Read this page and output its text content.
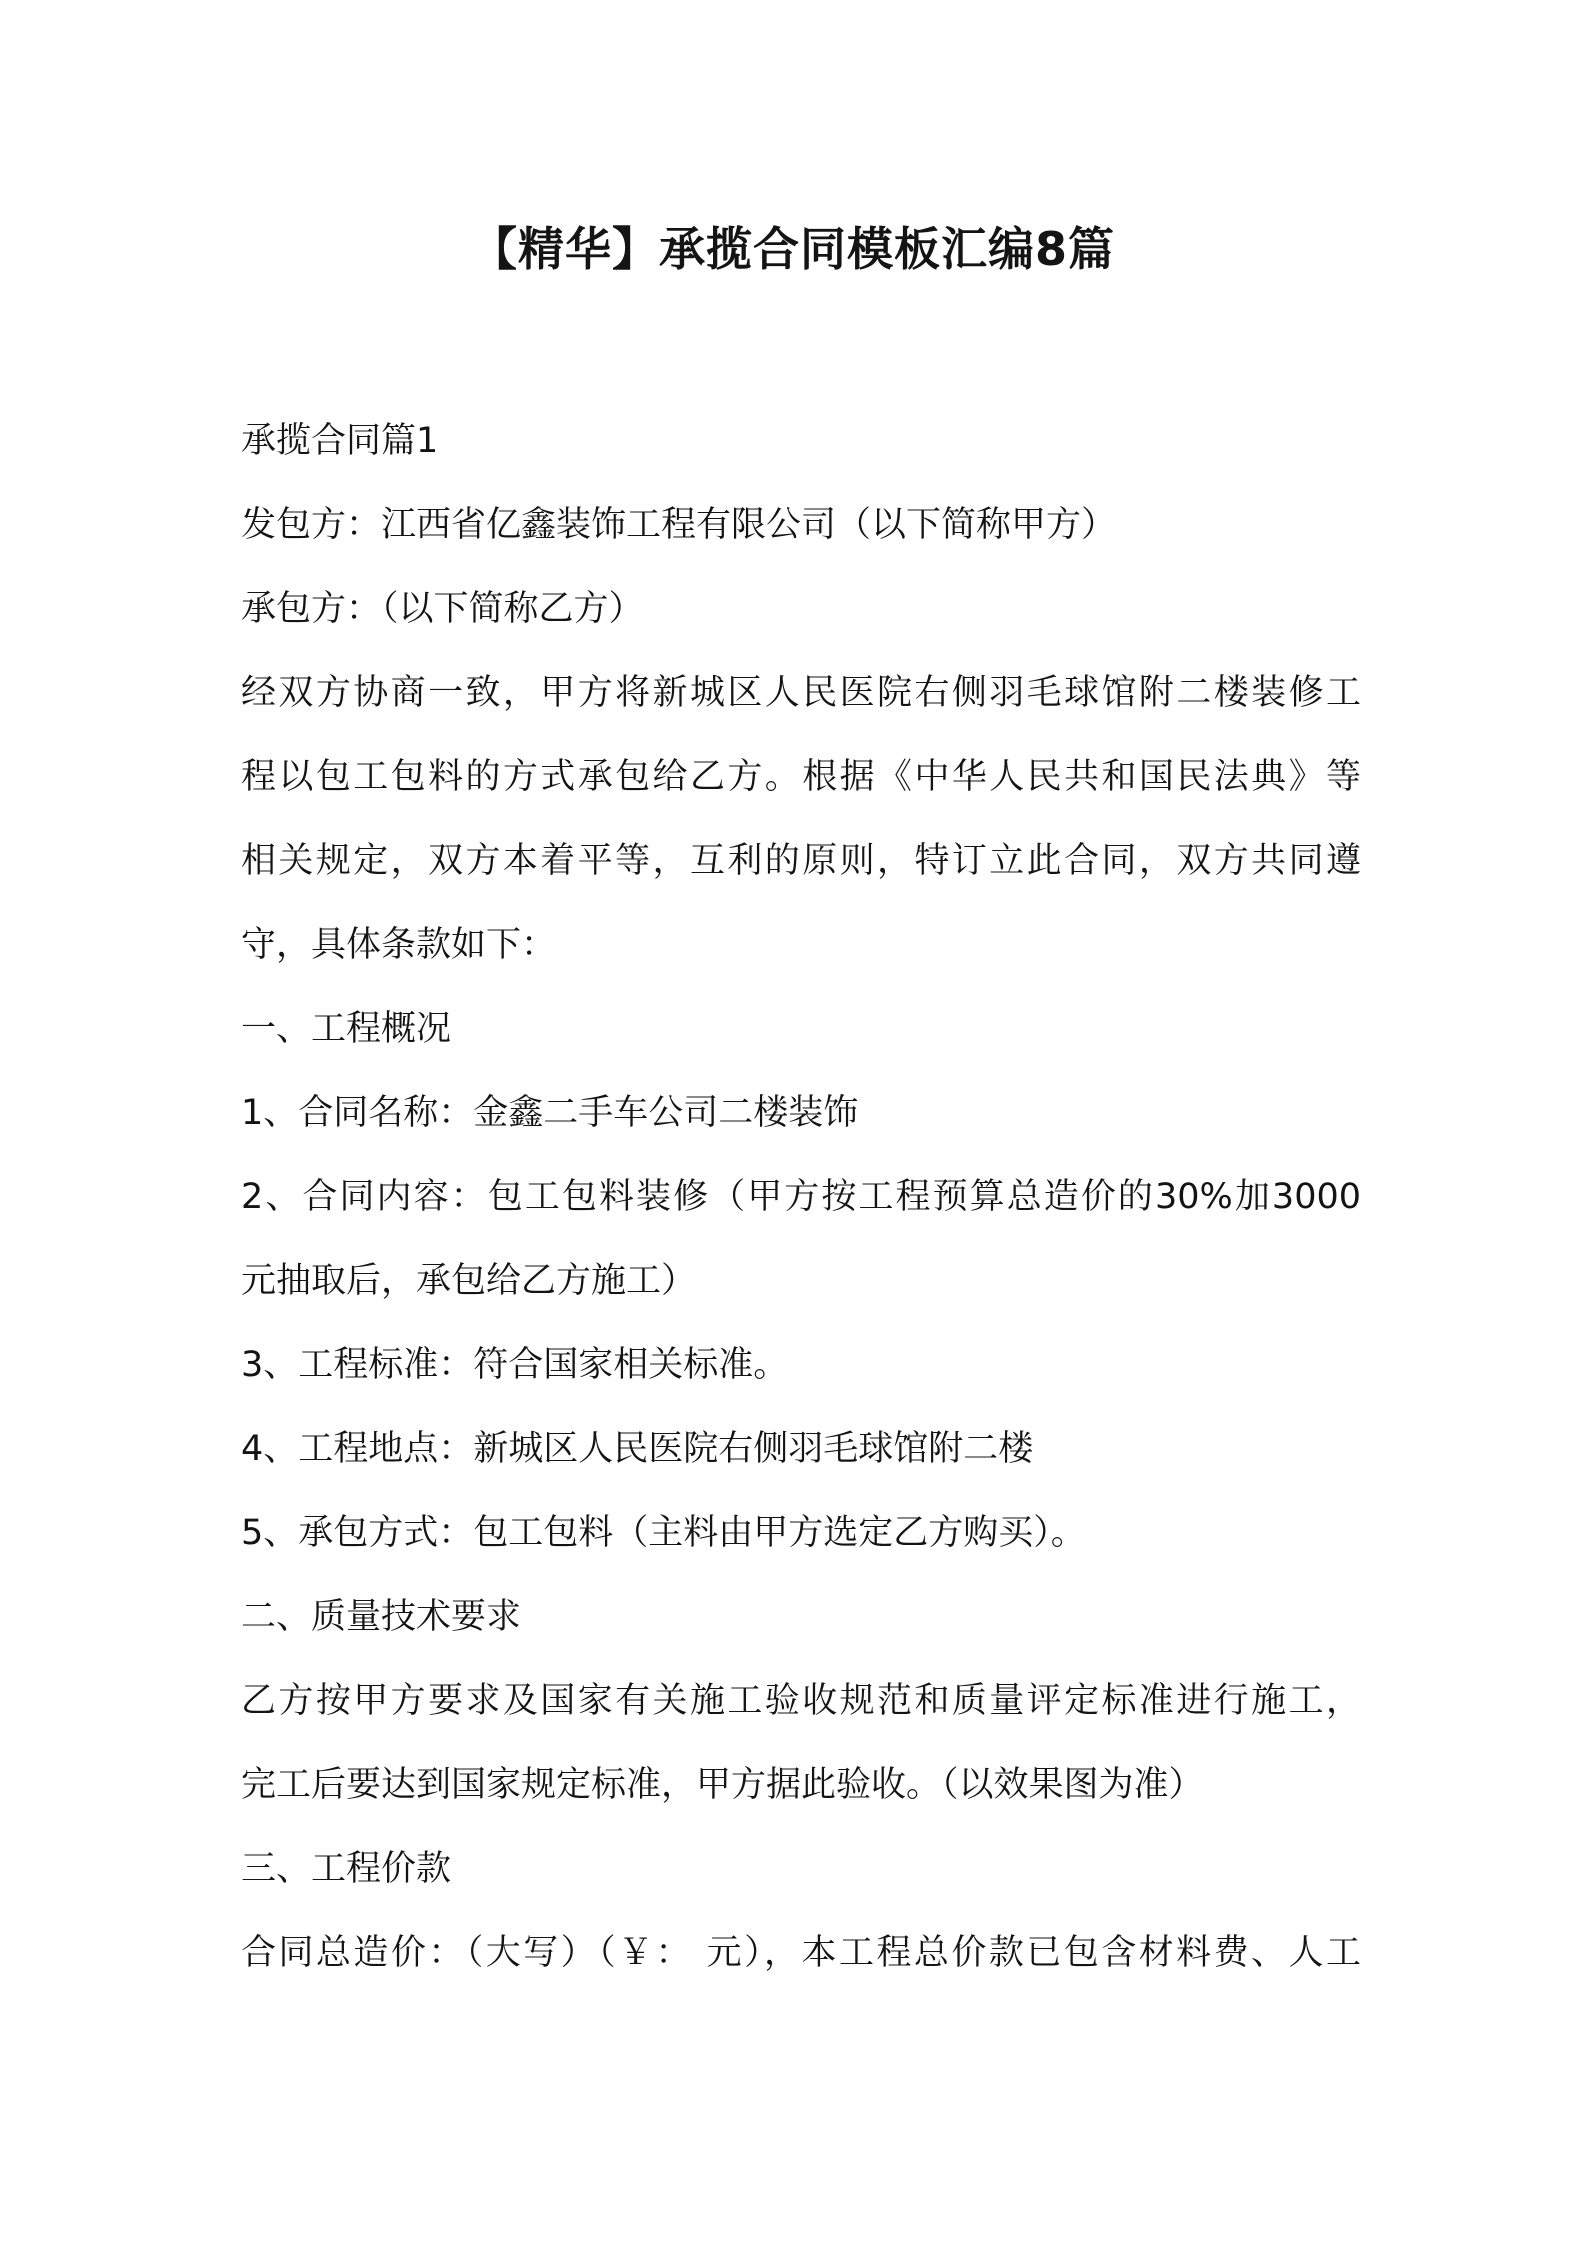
【精华】承揽合同模板汇编8篇
承揽合同篇1
发包方：江西省亿鑫装饰工程有限公司（以下简称甲方）
承包方：（以下简称乙方）
经双方协商一致，甲方将新城区人民医院右侧羽毛球馆附二楼装修工
程以包工包料的方式承包给乙方。根据《中华人民共和国民法典》等
相关规定，双方本着平等，互利的原则，特订立此合同，双方共同遵
守，具体条款如下：
一、工程概况
1、合同名称：金鑫二手车公司二楼装饰
2、合同内容：包工包料装修（甲方按工程预算总造价的30%加3000
元抽取后，承包给乙方施工）
3、工程标准：符合国家相关标准。
4、工程地点：新城区人民医院右侧羽毛球馆附二楼
5、承包方式：包工包料（主料由甲方选定乙方购买）。
二、质量技术要求
乙方按甲方要求及国家有关施工验收规范和质量评定标准进行施工，
完工后要达到国家规定标准，甲方据此验收。（以效果图为准）
三、工程价款
合同总造价：（大写）（￥： 元），本工程总价款已包含材料费、人工
